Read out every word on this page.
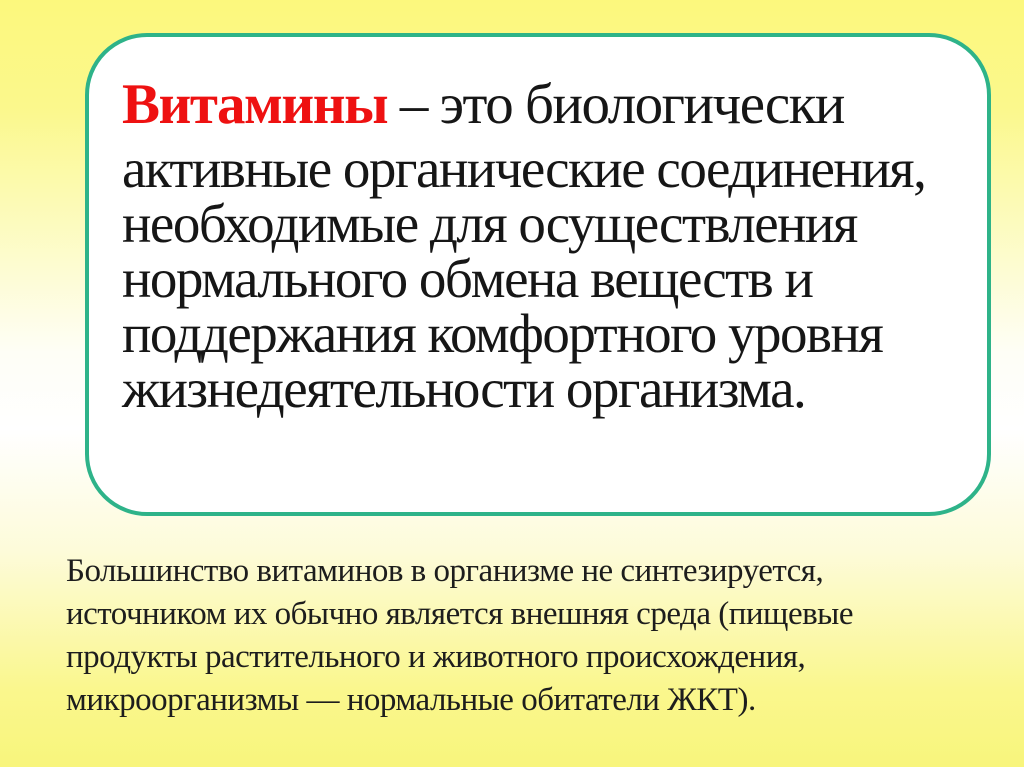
Витамины – это биологически
активные органические соединения,
необходимые для осуществления
нормального обмена веществ и
поддержания комфортного уровня
жизнедеятельности организма.
Большинство витаминов в организме не синтезируется,
источником их обычно является внешняя среда (пищевые
продукты растительного и животного происхождения,
микроорганизмы — нормальные обитатели ЖКТ).
